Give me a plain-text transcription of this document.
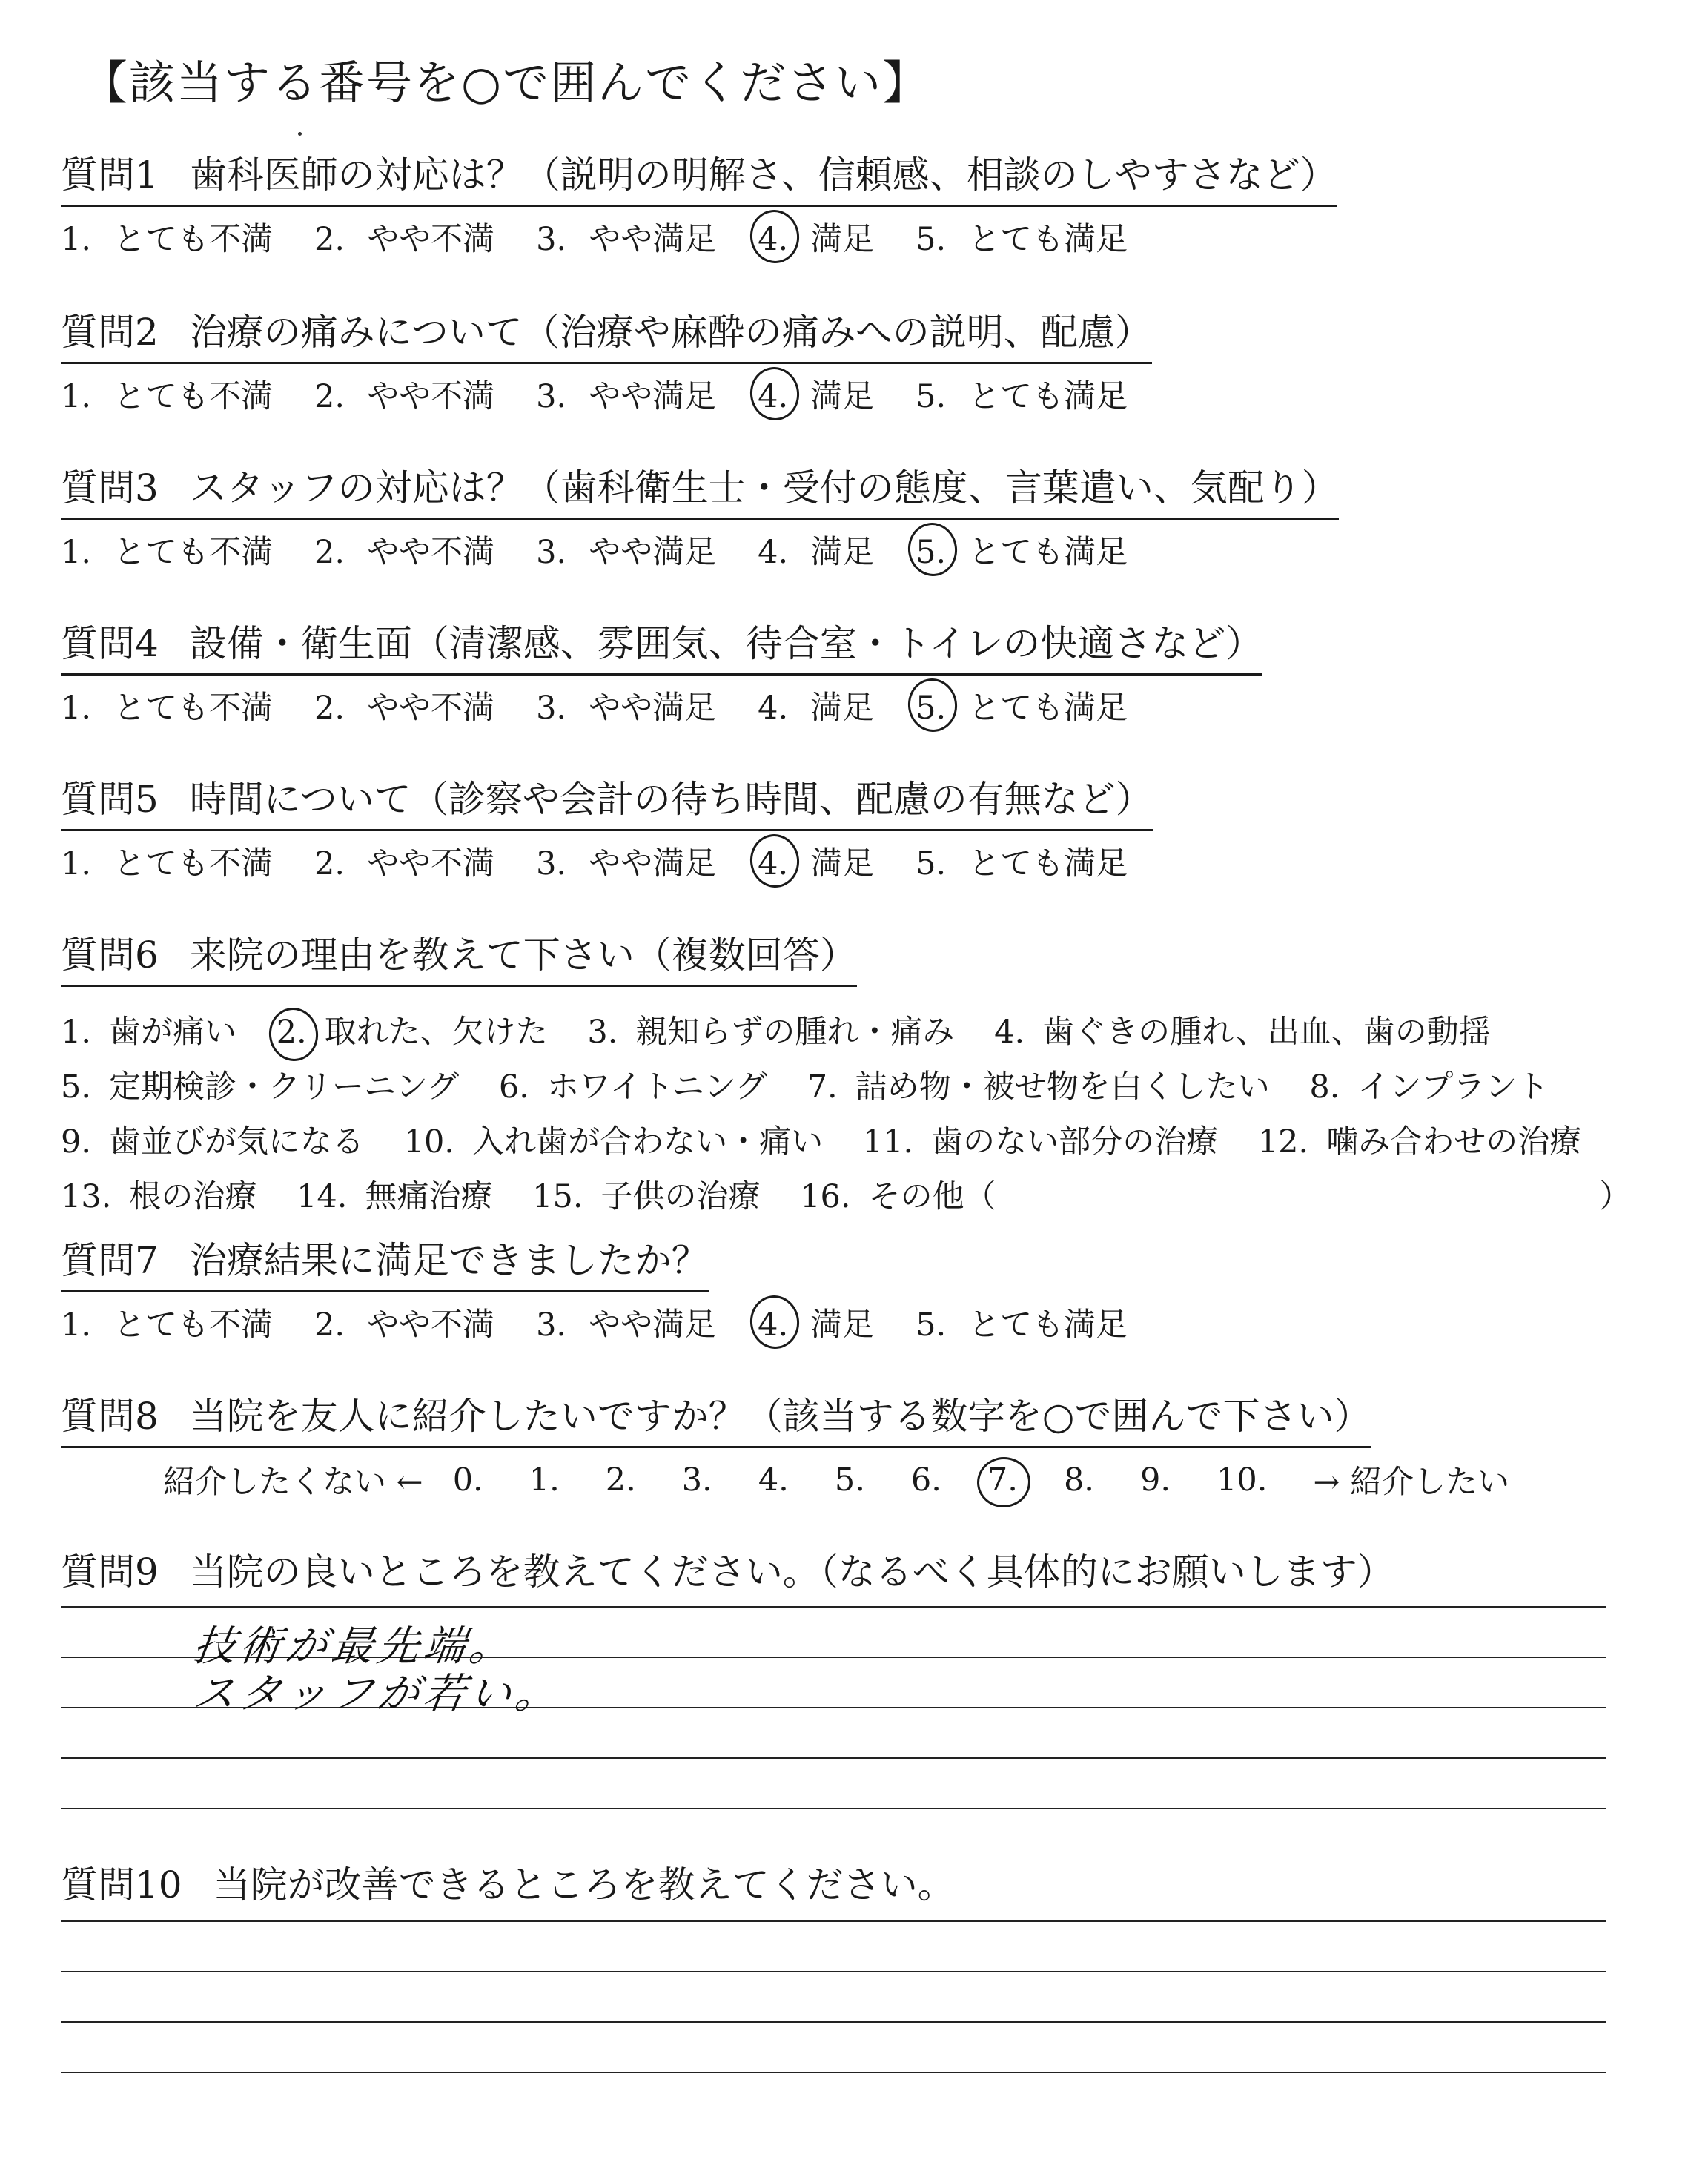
【該当する番号を○で囲んでください】
質問1 歯科医師の対応は？（説明の明解さ、信頼感、相談のしやすさなど）
1. とても不満 2. やや不満 3. やや満足 4. 満足 5. とても満足
質問2 治療の痛みについて（治療や麻酔の痛みへの説明、配慮）
1. とても不満 2. やや不満 3. やや満足 4. 満足 5. とても満足
質問3 スタッフの対応は？（歯科衛生士・受付の態度、言葉遣い、気配り）
1. とても不満 2. やや不満 3. やや満足 4. 満足 5. とても満足
質問4 設備・衛生面（清潔感、雰囲気、待合室・トイレの快適さなど）
1. とても不満 2. やや不満 3. やや満足 4. 満足 5. とても満足
質問5 時間について（診察や会計の待ち時間、配慮の有無など）
1. とても不満 2. やや不満 3. やや満足 4. 満足 5. とても満足
質問6 来院の理由を教えて下さい（複数回答）
1. 歯が痛い 2. 取れた、欠けた 3. 親知らずの腫れ・痛み 4. 歯ぐきの腫れ、出血、歯の動揺
5. 定期検診・クリーニング 6. ホワイトニング 7. 詰め物・被せ物を白くしたい 8. インプラント
9. 歯並びが気になる 10. 入れ歯が合わない・痛い 11. 歯のない部分の治療 12. 噛み合わせの治療
13. 根の治療 14. 無痛治療 15. 子供の治療 16. その他（	）
質問7 治療結果に満足できましたか？
1. とても不満 2. やや不満 3. やや満足 4. 満足 5. とても満足
質問8 当院を友人に紹介したいですか？（該当する数字を○で囲んで下さい）
紹介したくない ← 0. 1. 2. 3. 4. 5. 6. 7. 8. 9. 10. → 紹介したい
質問9 当院の良いところを教えてください。（なるべく具体的にお願いします）
技術が最先端。
スタッフが若い。
質問10 当院が改善できるところを教えてください。
